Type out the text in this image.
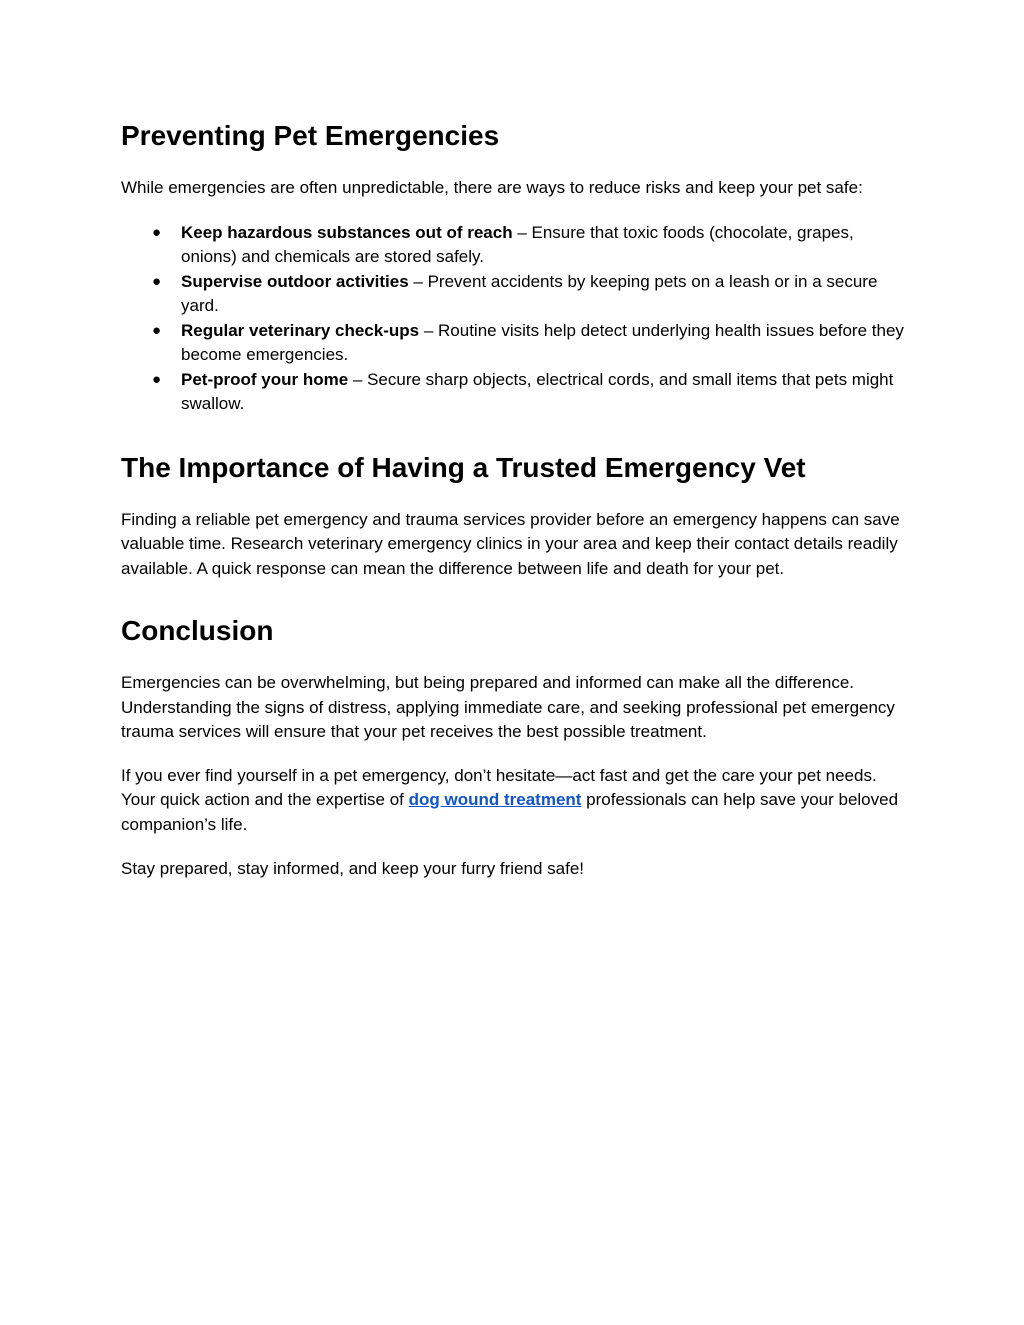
Preventing Pet Emergencies

While emergencies are often unpredictable, there are ways to reduce risks and keep your pet safe:

● Keep hazardous substances out of reach – Ensure that toxic foods (chocolate, grapes, onions) and chemicals are stored safely.
● Supervise outdoor activities – Prevent accidents by keeping pets on a leash or in a secure yard.
● Regular veterinary check-ups – Routine visits help detect underlying health issues before they become emergencies.
● Pet-proof your home – Secure sharp objects, electrical cords, and small items that pets might swallow.
The Importance of Having a Trusted Emergency Vet

Finding a reliable pet emergency and trauma services provider before an emergency happens can save valuable time. Research veterinary emergency clinics in your area and keep their contact details readily available. A quick response can mean the difference between life and death for your pet.

Conclusion

Emergencies can be overwhelming, but being prepared and informed can make all the difference. Understanding the signs of distress, applying immediate care, and seeking professional pet emergency trauma services will ensure that your pet receives the best possible treatment.

If you ever find yourself in a pet emergency, don’t hesitate—act fast and get the care your pet needs. Your quick action and the expertise of dog wound treatment professionals can help save your beloved companion’s life.

Stay prepared, stay informed, and keep your furry friend safe!
